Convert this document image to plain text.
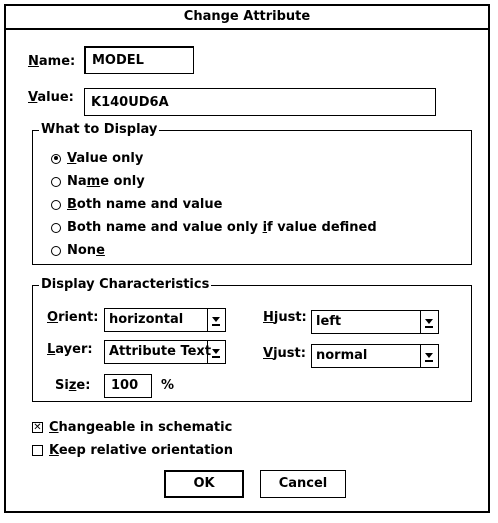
Change Attribute
Name:	MODEL
Value:	K140UD6A
What to Display
Value only
Name only
Both name and value
Both name and value only if value defined
None
Display Characteristics
Orient: horizontal
Layer: Attribute Text
Size:	100	%
Hjust: left
Vjust: normal
✕ Changeable in schematic
Keep relative orientation
OK	Cancel
